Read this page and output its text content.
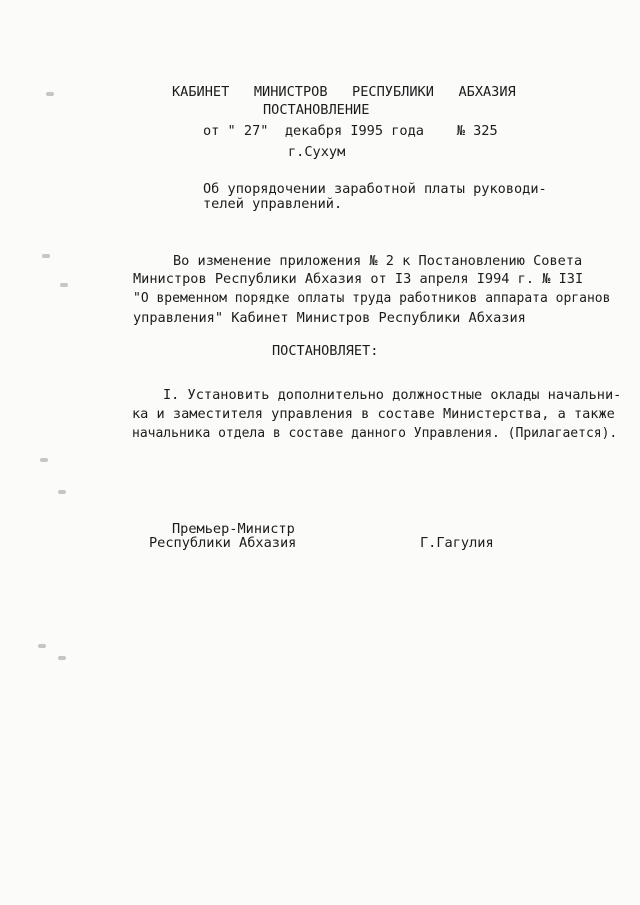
КАБИНЕТ   МИНИСТРОВ   РЕСПУБЛИКИ   АБХАЗИЯ
ПОСТАНОВЛЕНИЕ
от " 27"  декабря I995 года    № 325
г.Сухум
Об упорядочении заработной платы руководи-
телей управлений.
Во изменение приложения № 2 к Постановлению Совета
Министров Республики Абхазия от I3 апреля I994 г. № I3I
"О временном порядке оплаты труда работников аппарата органов
управления" Кабинет Министров Республики Абхазия
ПОСТАНОВЛЯЕТ:
I. Установить дополнительно должностные оклады начальни-
ка и заместителя управления в составе Министерства, а также
начальника отдела в составе данного Управления. (Прилагается).
Премьер-Министр
Республики Абхазия	Г.Гагулия
